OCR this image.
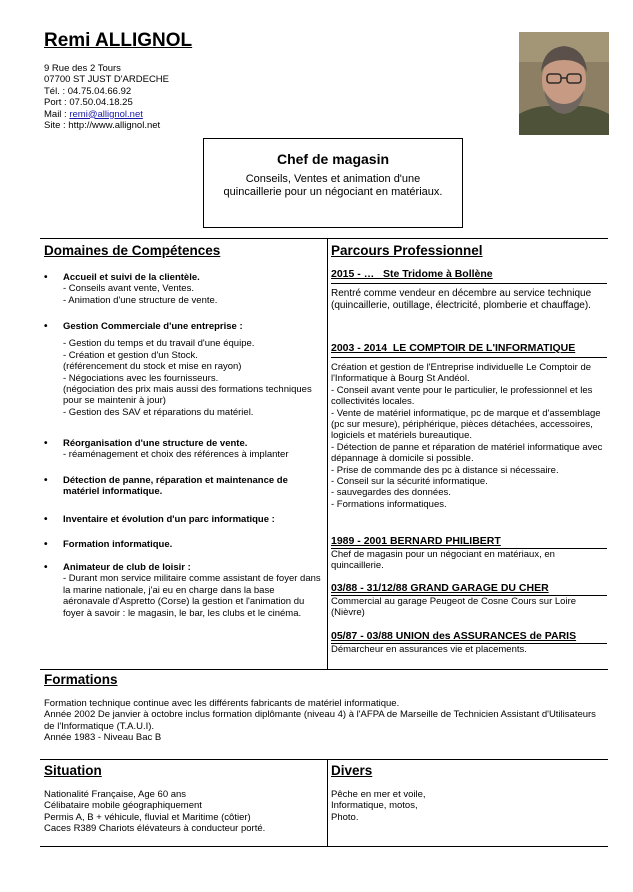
Remi ALLIGNOL
9 Rue des 2 Tours
07700 ST JUST D'ARDECHE
Tél. : 04.75.04.66.92
Port : 07.50.04.18.25
Mail : remi@allignol.net
Site : http://www.allignol.net
Chef de magasin
Conseils, Ventes et animation d'une quincaillerie pour un négociant en matériaux.
Domaines de Compétences
• Accueil et suivi de la clientèle.
- Conseils avant vente, Ventes.
- Animation d'une structure de vente.
• Gestion Commerciale d'une entreprise :
- Gestion du temps et du travail d'une équipe.
- Création et gestion d'un Stock.
(référencement du stock et mise en rayon)
- Négociations avec les fournisseurs.
(négociation des prix mais aussi des formations techniques pour se maintenir à jour)
- Gestion des SAV et réparations du matériel.
• Réorganisation d'une structure de vente.
- réaménagement et choix des références à implanter
• Détection de panne, réparation et maintenance de matériel informatique.
• Inventaire et évolution d'un parc informatique :
• Formation informatique.
• Animateur de club de loisir :
- Durant mon service militaire comme assistant de foyer dans la marine nationale, j'ai eu en charge dans la base aéronavale d'Aspretto (Corse) la gestion et l'animation du foyer à savoir : le magasin, le bar, les clubs et le cinéma.
Parcours Professionnel
2015 - …   Ste Tridome à Bollène
Rentré comme vendeur en décembre au service technique (quincaillerie, outillage, électricité, plomberie et chauffage).
2003 - 2014  LE COMPTOIR DE L'INFORMATIQUE
Création et gestion de l'Entreprise individuelle Le Comptoir de l'Informatique à Bourg St Andéol.
- Conseil avant vente pour le particulier, le professionnel et les collectivités locales.
- Vente de matériel informatique, pc de marque et d'assemblage (pc sur mesure), périphérique, pièces détachées, accessoires, logiciels et matériels bureautique.
- Détection de panne et réparation de matériel informatique avec dépannage à domicile si possible.
- Prise de commande des pc à distance si nécessaire.
- Conseil sur la sécurité informatique.
- sauvegardes des données.
- Formations informatiques.
1989 - 2001 BERNARD PHILIBERT
Chef de magasin pour un négociant en matériaux, en quincaillerie.
03/88 - 31/12/88 GRAND GARAGE DU CHER
Commercial au garage Peugeot de Cosne Cours sur Loire (Nièvre)
05/87 - 03/88 UNION des ASSURANCES de PARIS
Démarcheur en assurances vie et placements.
Formations
Formation technique continue avec les différents fabricants de matériel informatique.
Année 2002 De janvier à octobre inclus formation diplômante (niveau 4) à l'AFPA de Marseille de Technicien Assistant d'Utilisateurs de l'Informatique (T.A.U.I).
Année 1983 - Niveau Bac B
Situation
Nationalité Française, Age 60 ans
Célibataire mobile géographiquement
Permis A, B + véhicule, fluvial et Maritime (côtier)
Caces R389 Chariots élévateurs à conducteur porté.
Divers
Pêche en mer et voile,
Informatique, motos,
Photo.
